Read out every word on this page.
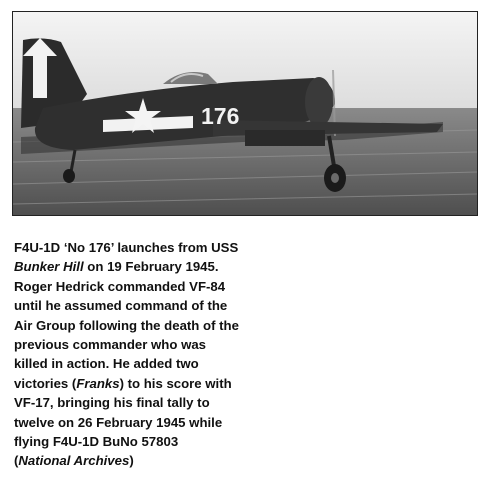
176
F4U-1D ‘No 176’ launches from USS
Bunker Hill on 19 February 1945.
Roger Hedrick commanded VF-84
until he assumed command of the
Air Group following the death of the
previous commander who was
killed in action. He added two
victories (Franks) to his score with
VF-17, bringing his final tally to
twelve on 26 February 1945 while
flying F4U-1D BuNo 57803
(National Archives)
